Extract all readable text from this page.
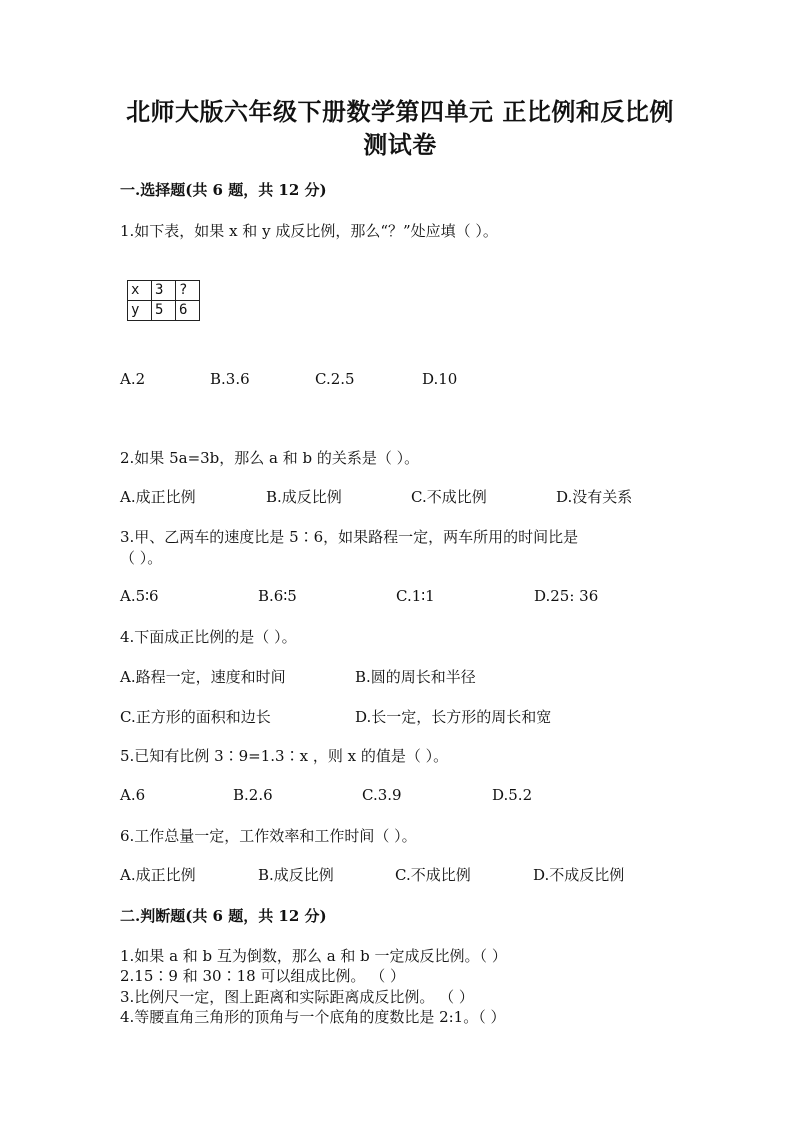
北师大版六年级下册数学第四单元 正比例和反比例
测试卷
一.选择题(共 6 题，共 12 分)
1.如下表，如果 x 和 y 成反比例，那么“？”处应填（ ）。
x	3	?
y	5	6
A.2	B.3.6	C.2.5	D.10
2.如果 5a=3b，那么 a 和 b 的关系是（ ）。
A.成正比例	B.成反比例	C.不成比例	D.没有关系
3.甲、乙两车的速度比是 5∶6，如果路程一定，两车所用的时间比是
（ ）。
A.5∶6	B.6∶5	C.1∶1	D.25: 36
4.下面成正比例的是（ ）。
A.路程一定，速度和时间	B.圆的周长和半径
C.正方形的面积和边长	D.长一定，长方形的周长和宽
5.已知有比例 3∶9=1.3∶x ，则 x 的值是（ ）。
A.6	B.2.6	C.3.9	D.5.2
6.工作总量一定，工作效率和工作时间（ ）。
A.成正比例	B.成反比例	C.不成比例	D.不成反比例
二.判断题(共 6 题，共 12 分)
1.如果 a 和 b 互为倒数，那么 a 和 b 一定成反比例。（ ）
2.15∶9 和 30∶18 可以组成比例。 （ ）
3.比例尺一定，图上距离和实际距离成反比例。 （ ）
4.等腰直角三角形的顶角与一个底角的度数比是 2:1。（ ）
